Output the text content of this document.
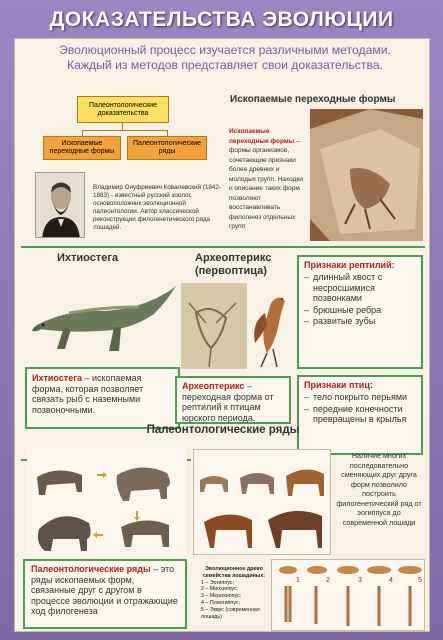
ДОКАЗАТЕЛЬСТВА ЭВОЛЮЦИИ
Эволюционный процесс изучается различными методами.
Каждый из методов представляет свои доказательства.
Палеонтологические доказательства
Ископаемые переходные формы
Палеонтологические ряды
Владимир Онуфриевич Ковалевский (1842-1883) - известный русский зоолог, основоположник эволюционной палеонтологии. Автор классической реконструкции филогенетического ряда лошадей.
Ископаемые переходные формы
Ископаемые переходные формы – формы организмов, сочетающие признаки более древних и молодых групп. Находки и описание таких форм позволяют восстанавливать филогенез отдельных групп
Ихтиостега
Ихтиостега – ископаемая форма, которая позволяет связать рыб с наземными позвоночными.
Археоптерикс
(первоптица)
Археоптерикс – переходная форма от рептилий к птицам юрского периода.
Признаки рептилий:
– длинный хвост с несросшимися позвонками
– брюшные ребра
– развитые зубы
Признаки птиц:
– тело покрыто перьями
– передние конечности превращены в крылья
Палеонтологические ряды
Палеонтологические ряды – это ряды ископаемых форм, связанные друг с другом в процессе эволюции и отражающие ход филогенеза
Наличие многих последовательно сменяющих друг друга форм позволило построить филогенетический ряд от эогиппуса до современной лошади
Эволюционное древо семейства лошадиных:
1 – Эогиппус;
2 – Миохиппус;
3 – Мерихиппус;
4 – Плиогиппус;
5 – Эквус (современная лошадь)
1	2	3	4	5
